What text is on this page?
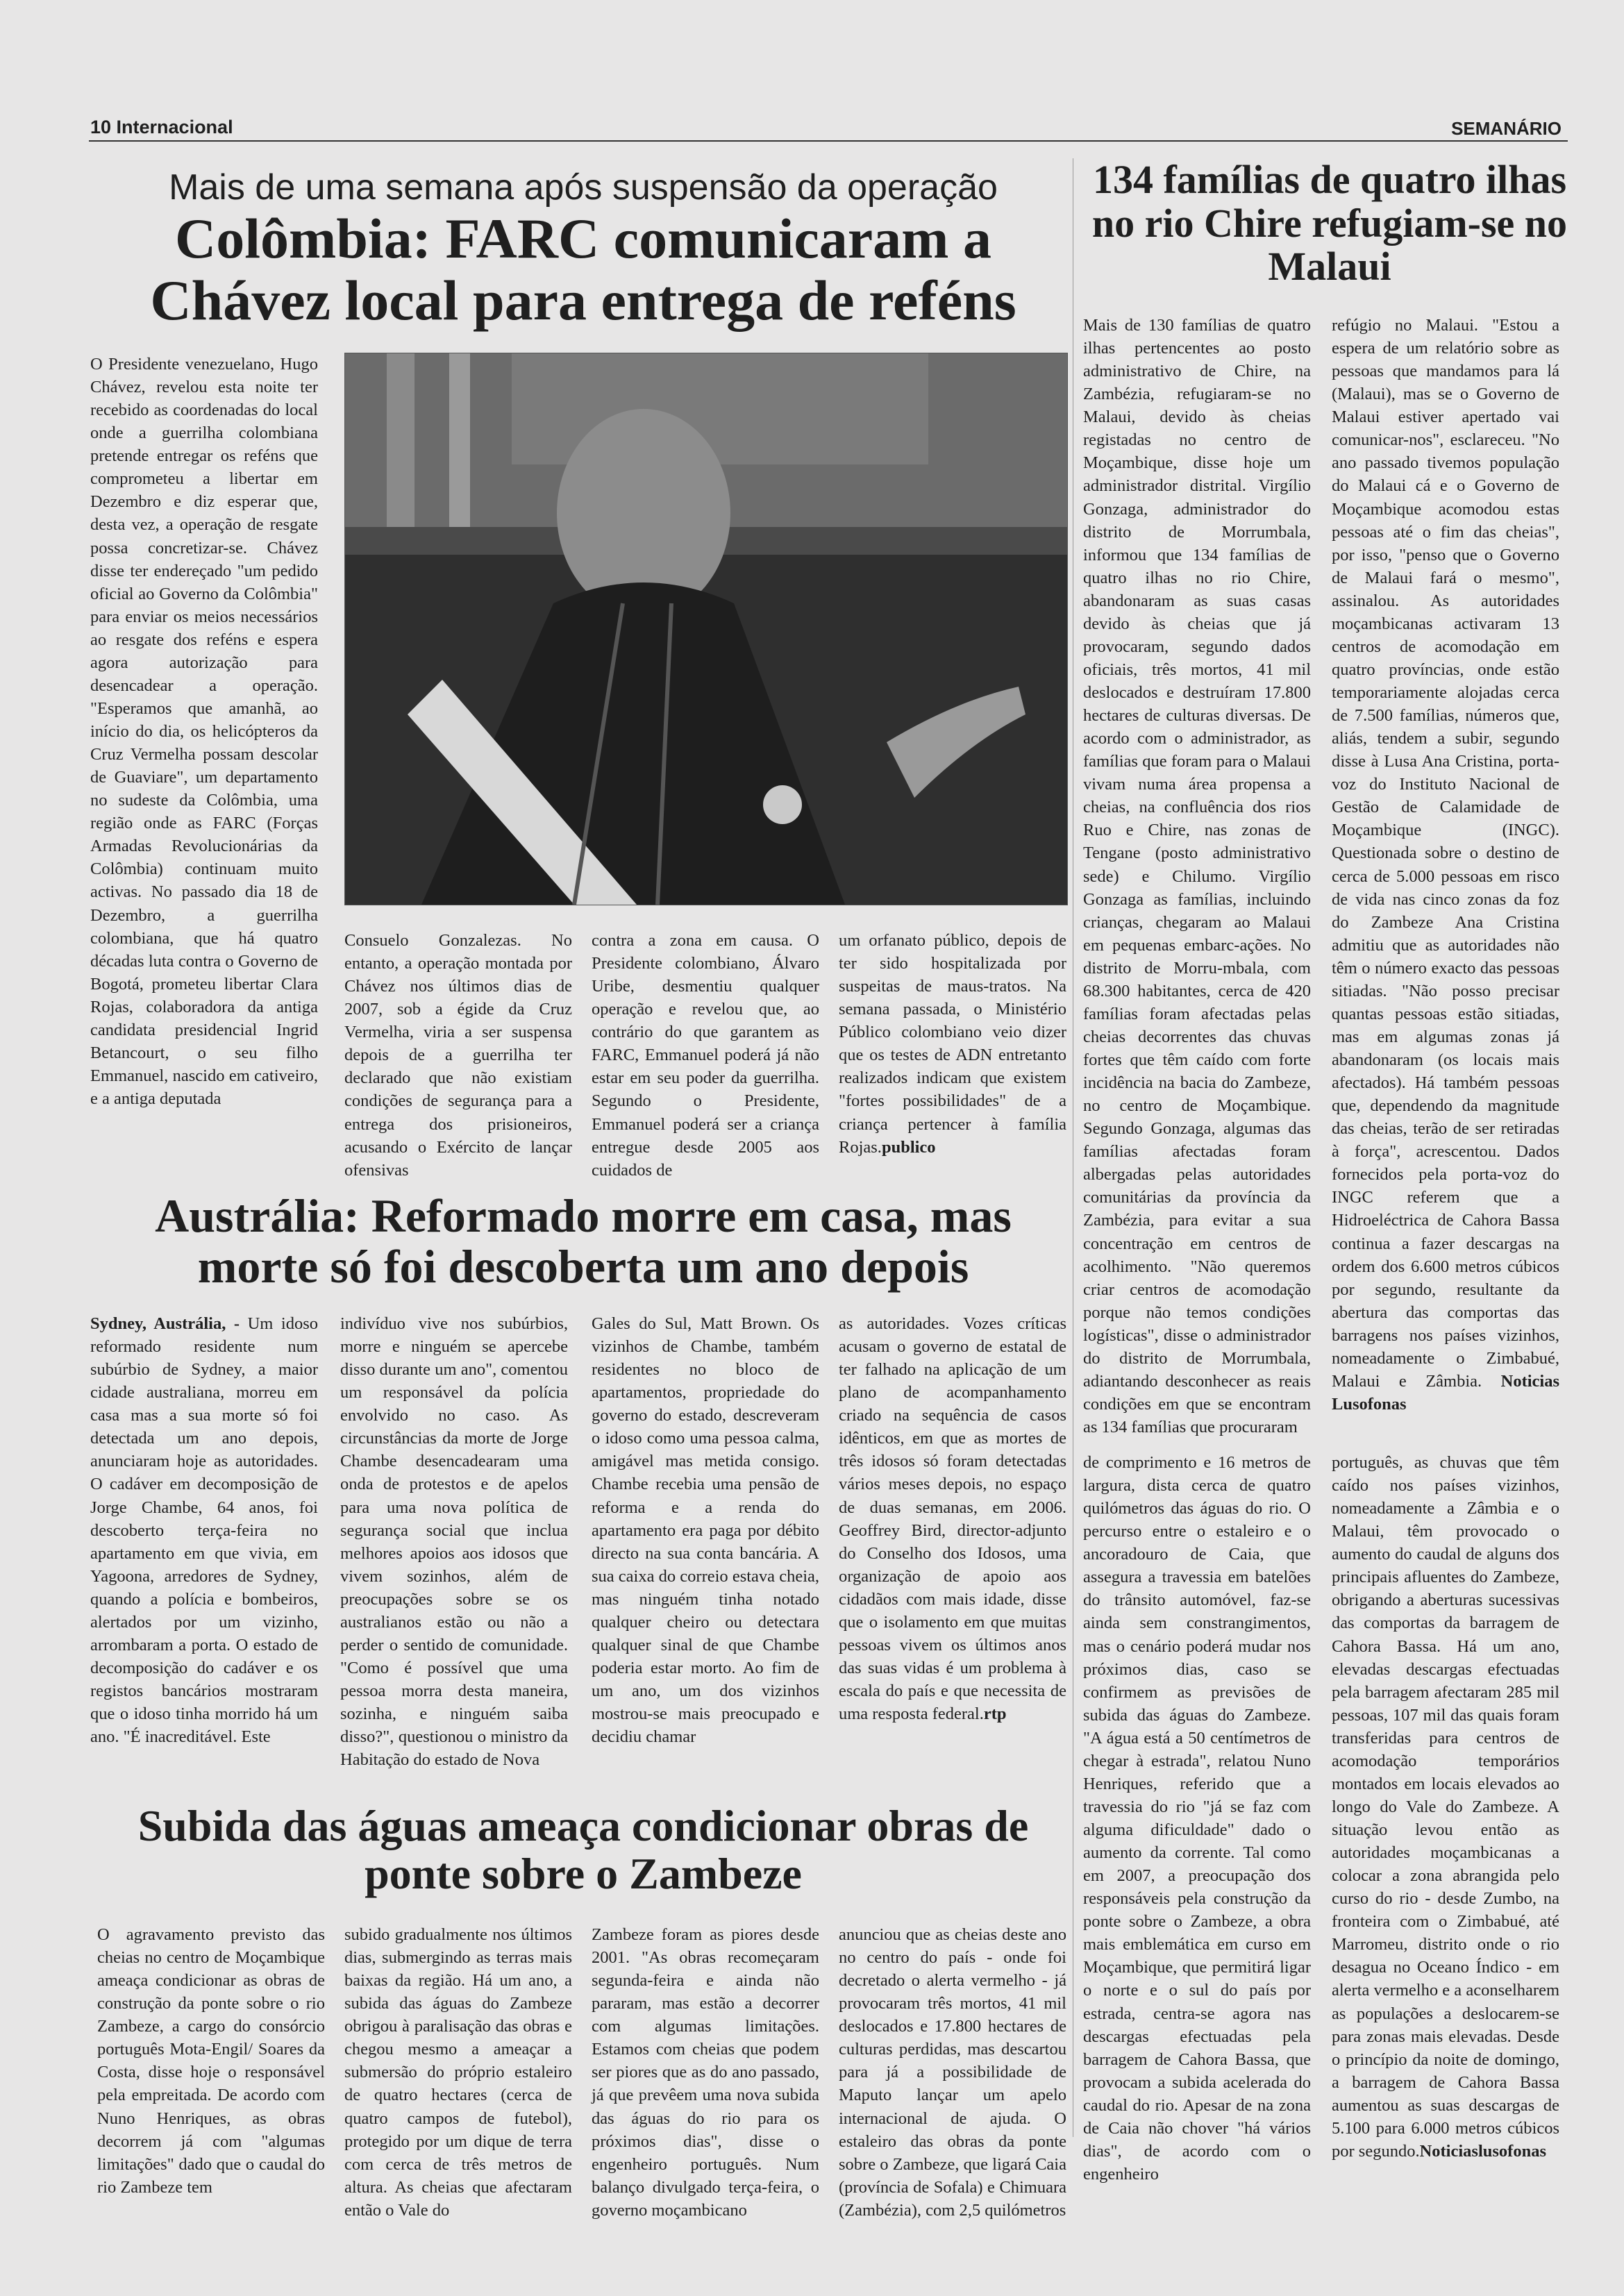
10 Internacional	SEMANÁRIO
Mais de uma semana após suspensão da operação
Colômbia: FARC comunicaram a Chávez local para entrega de reféns

O Presidente venezuelano, Hugo Chávez, revelou esta noite ter recebido as coordenadas do local onde a guerrilha colombiana pretende entregar os reféns que comprometeu a libertar em Dezembro e diz esperar que, desta vez, a operação de resgate possa concretizar-se. Chávez disse ter endereçado "um pedido oficial ao Governo da Colômbia" para enviar os meios necessários ao resgate dos reféns e espera agora autorização para desencadear a operação. "Esperamos que amanhã, ao início do dia, os helicópteros da Cruz Vermelha possam descolar de Guaviare", um departamento no sudeste da Colômbia, uma região onde as FARC (Forças Armadas Revolucionárias da Colômbia) continuam muito activas. No passado dia 18 de Dezembro, a guerrilha colombiana, que há quatro décadas luta contra o Governo de Bogotá, prometeu libertar Clara Rojas, colaboradora da antiga candidata presidencial Ingrid Betancourt, o seu filho Emmanuel, nascido em cativeiro, e a antiga deputada

Consuelo Gonzalezas. No entanto, a operação montada por Chávez nos últimos dias de 2007, sob a égide da Cruz Vermelha, viria a ser suspensa depois de a guerrilha ter declarado que não existiam condições de segurança para a entrega dos prisioneiros, acusando o Exército de lançar ofensivas

contra a zona em causa. O Presidente colombiano, Álvaro Uribe, desmentiu qualquer operação e revelou que, ao contrário do que garantem as FARC, Emmanuel poderá já não estar em seu poder da guerrilha. Segundo o Presidente, Emmanuel poderá ser a criança entregue desde 2005 aos cuidados de

um orfanato público, depois de ter sido hospitalizada por suspeitas de maus-tratos. Na semana passada, o Ministério Público colombiano veio dizer que os testes de ADN entretanto realizados indicam que existem "fortes possibilidades" de a criança pertencer à família Rojas.publico

134 famílias de quatro ilhas no rio Chire refugiam-se no Malaui

Mais de 130 famílias de quatro ilhas pertencentes ao posto administrativo de Chire, na Zambézia, refugiaram-se no Malaui, devido às cheias registadas no centro de Moçambique, disse hoje um administrador distrital. Virgílio Gonzaga, administrador do distrito de Morrumbala, informou que 134 famílias de quatro ilhas no rio Chire, abandonaram as suas casas devido às cheias que já provocaram, segundo dados oficiais, três mortos, 41 mil deslocados e destruíram 17.800 hectares de culturas diversas. De acordo com o administrador, as famílias que foram para o Malaui vivam numa área propensa a cheias, na confluência dos rios Ruo e Chire, nas zonas de Tengane (posto administrativo sede) e Chilumo. Virgílio Gonzaga as famílias, incluindo crianças, chegaram ao Malaui em pequenas embarc-ações. No distrito de Morru-mbala, com 68.300 habitantes, cerca de 420 famílias foram afectadas pelas cheias decorrentes das chuvas fortes que têm caído com forte incidência na bacia do Zambeze, no centro de Moçambique. Segundo Gonzaga, algumas das famílias afectadas foram albergadas pelas autoridades comunitárias da província da Zambézia, para evitar a sua concentração em centros de acolhimento. "Não queremos criar centros de acomodação porque não temos condições logísticas", disse o administrador do distrito de Morrumbala, adiantando desconhecer as reais condições em que se encontram as 134 famílias que procuraram

refúgio no Malaui. "Estou a espera de um relatório sobre as pessoas que mandamos para lá (Malaui), mas se o Governo de Malaui estiver apertado vai comunicar-nos", esclareceu. "No ano passado tivemos população do Malaui cá e o Governo de Moçambique acomodou estas pessoas até o fim das cheias", por isso, "penso que o Governo de Malaui fará o mesmo", assinalou. As autoridades moçambicanas activaram 13 centros de acomodação em quatro províncias, onde estão temporariamente alojadas cerca de 7.500 famílias, números que, aliás, tendem a subir, segundo disse à Lusa Ana Cristina, porta-voz do Instituto Nacional de Gestão de Calamidade de Moçambique (INGC). Questionada sobre o destino de cerca de 5.000 pessoas em risco de vida nas cinco zonas da foz do Zambeze Ana Cristina admitiu que as autoridades não têm o número exacto das pessoas sitiadas. "Não posso precisar quantas pessoas estão sitiadas, mas em algumas zonas já abandonaram (os locais mais afectados). Há também pessoas que, dependendo da magnitude das cheias, terão de ser retiradas à força", acrescentou. Dados fornecidos pela porta-voz do INGC referem que a Hidroeléctrica de Cahora Bassa continua a fazer descargas na ordem dos 6.600 metros cúbicos por segundo, resultante da abertura das comportas das barragens nos países vizinhos, nomeadamente o Zimbabué, Malaui e Zâmbia. Noticias Lusofonas

Austrália: Reformado morre em casa, mas morte só foi descoberta um ano depois

Sydney, Austrália, - Um idoso reformado residente num subúrbio de Sydney, a maior cidade australiana, morreu em casa mas a sua morte só foi detectada um ano depois, anunciaram hoje as autoridades. O cadáver em decomposição de Jorge Chambe, 64 anos, foi descoberto terça-feira no apartamento em que vivia, em Yagoona, arredores de Sydney, quando a polícia e bombeiros, alertados por um vizinho, arrombaram a porta. O estado de decomposição do cadáver e os registos bancários mostraram que o idoso tinha morrido há um ano. "É inacreditável. Este

indivíduo vive nos subúrbios, morre e ninguém se apercebe disso durante um ano", comentou um responsável da polícia envolvido no caso. As circunstâncias da morte de Jorge Chambe desencadearam uma onda de protestos e de apelos para uma nova política de segurança social que inclua melhores apoios aos idosos que vivem sozinhos, além de preocupações sobre se os australianos estão ou não a perder o sentido de comunidade. "Como é possível que uma pessoa morra desta maneira, sozinha, e ninguém saiba disso?", questionou o ministro da Habitação do estado de Nova

Gales do Sul, Matt Brown. Os vizinhos de Chambe, também residentes no bloco de apartamentos, propriedade do governo do estado, descreveram o idoso como uma pessoa calma, amigável mas metida consigo. Chambe recebia uma pensão de reforma e a renda do apartamento era paga por débito directo na sua conta bancária. A sua caixa do correio estava cheia, mas ninguém tinha notado qualquer cheiro ou detectara qualquer sinal de que Chambe poderia estar morto. Ao fim de um ano, um dos vizinhos mostrou-se mais preocupado e decidiu chamar

as autoridades. Vozes críticas acusam o governo de estatal de ter falhado na aplicação de um plano de acompanhamento criado na sequência de casos idênticos, em que as mortes de três idosos só foram detectadas vários meses depois, no espaço de duas semanas, em 2006. Geoffrey Bird, director-adjunto do Conselho dos Idosos, uma organização de apoio aos cidadãos com mais idade, disse que o isolamento em que muitas pessoas vivem os últimos anos das suas vidas é um problema à escala do país e que necessita de uma resposta federal.rtp

Subida das águas ameaça condicionar obras de ponte sobre o Zambeze

O agravamento previsto das cheias no centro de Moçambique ameaça condicionar as obras de construção da ponte sobre o rio Zambeze, a cargo do consórcio português Mota-Engil/ Soares da Costa, disse hoje o responsável pela empreitada. De acordo com Nuno Henriques, as obras decorrem já com "algumas limitações" dado que o caudal do rio Zambeze tem

subido gradualmente nos últimos dias, submergindo as terras mais baixas da região. Há um ano, a subida das águas do Zambeze obrigou à paralisação das obras e chegou mesmo a ameaçar a submersão do próprio estaleiro de quatro hectares (cerca de quatro campos de futebol), protegido por um dique de terra com cerca de três metros de altura. As cheias que afectaram então o Vale do

Zambeze foram as piores desde 2001. "As obras recomeçaram segunda-feira e ainda não pararam, mas estão a decorrer com algumas limitações. Estamos com cheias que podem ser piores que as do ano passado, já que prevêem uma nova subida das águas do rio para os próximos dias", disse o engenheiro português. Num balanço divulgado terça-feira, o governo moçambicano

anunciou que as cheias deste ano no centro do país - onde foi decretado o alerta vermelho - já provocaram três mortos, 41 mil deslocados e 17.800 hectares de culturas perdidas, mas descartou para já a possibilidade de Maputo lançar um apelo internacional de ajuda. O estaleiro das obras da ponte sobre o Zambeze, que ligará Caia (província de Sofala) e Chimuara (Zambézia), com 2,5 quilómetros

de comprimento e 16 metros de largura, dista cerca de quatro quilómetros das águas do rio. O percurso entre o estaleiro e o ancoradouro de Caia, que assegura a travessia em batelões do trânsito automóvel, faz-se ainda sem constrangimentos, mas o cenário poderá mudar nos próximos dias, caso se confirmem as previsões de subida das águas do Zambeze. "A água está a 50 centímetros de chegar à estrada", relatou Nuno Henriques, referido que a travessia do rio "já se faz com alguma dificuldade" dado o aumento da corrente. Tal como em 2007, a preocupação dos responsáveis pela construção da ponte sobre o Zambeze, a obra mais emblemática em curso em Moçambique, que permitirá ligar o norte e o sul do país por estrada, centra-se agora nas descargas efectuadas pela barragem de Cahora Bassa, que provocam a subida acelerada do caudal do rio. Apesar de na zona de Caia não chover "há vários dias", de acordo com o engenheiro

português, as chuvas que têm caído nos países vizinhos, nomeadamente a Zâmbia e o Malaui, têm provocado o aumento do caudal de alguns dos principais afluentes do Zambeze, obrigando a aberturas sucessivas das comportas da barragem de Cahora Bassa. Há um ano, elevadas descargas efectuadas pela barragem afectaram 285 mil pessoas, 107 mil das quais foram transferidas para centros de acomodação temporários montados em locais elevados ao longo do Vale do Zambeze. A situação levou então as autoridades moçambicanas a colocar a zona abrangida pelo curso do rio - desde Zumbo, na fronteira com o Zimbabué, até Marromeu, distrito onde o rio desagua no Oceano Índico - em alerta vermelho e a aconselharem as populações a deslocarem-se para zonas mais elevadas. Desde o princípio da noite de domingo, a barragem de Cahora Bassa aumentou as suas descargas de 5.100 para 6.000 metros cúbicos por segundo.Noticiaslusofonas
